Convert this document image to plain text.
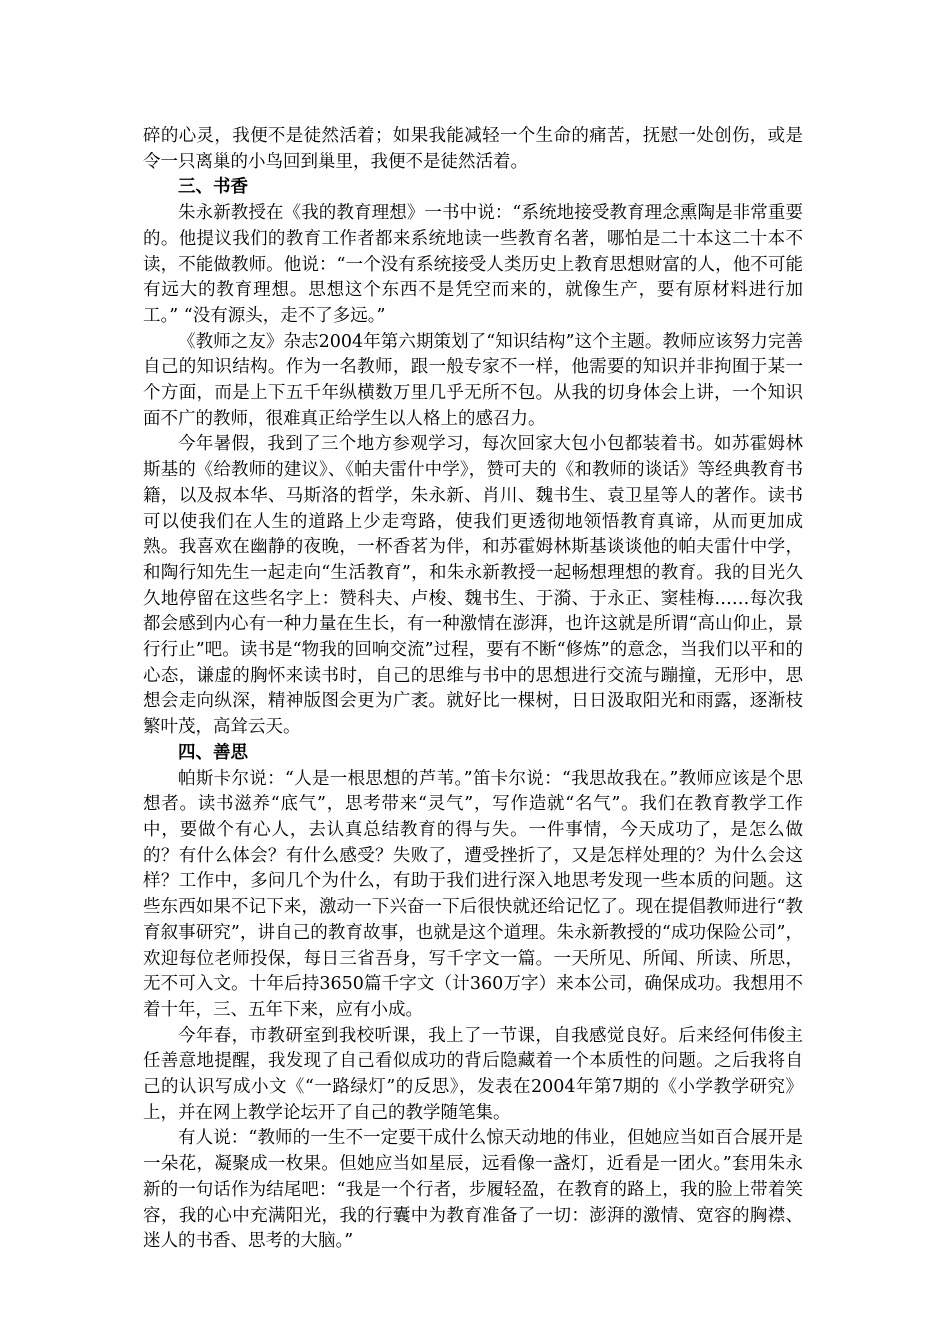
碎的心灵，我便不是徒然活着；如果我能减轻一个生命的痛苦，抚慰一处创伤，或是令一只离巢的小鸟回到巢里，我便不是徒然活着。

三、书香

朱永新教授在《我的教育理想》一书中说：“系统地接受教育理念熏陶是非常重要的。他提议我们的教育工作者都来系统地读一些教育名著，哪怕是二十本这二十本不读，不能做教师。他说：“一个没有系统接受人类历史上教育思想财富的人，他不可能有远大的教育理想。思想这个东西不是凭空而来的，就像生产，要有原材料进行加工。” “没有源头，走不了多远。”

《教师之友》杂志2004年第六期策划了“知识结构”这个主题。教师应该努力完善自己的知识结构。作为一名教师，跟一般专家不一样，他需要的知识并非拘囿于某一个方面，而是上下五千年纵横数万里几乎无所不包。从我的切身体会上讲，一个知识面不广的教师，很难真正给学生以人格上的感召力。

今年暑假，我到了三个地方参观学习，每次回家大包小包都装着书。如苏霍姆林斯基的《给教师的建议》、《帕夫雷什中学》，赞可夫的《和教师的谈话》等经典教育书籍，以及叔本华、马斯洛的哲学，朱永新、肖川、魏书生、袁卫星等人的著作。读书可以使我们在人生的道路上少走弯路，使我们更透彻地领悟教育真谛，从而更加成熟。我喜欢在幽静的夜晚，一杯香茗为伴，和苏霍姆林斯基谈谈他的帕夫雷什中学，和陶行知先生一起走向“生活教育”，和朱永新教授一起畅想理想的教育。我的目光久久地停留在这些名字上：赞科夫、卢梭、魏书生、于漪、于永正、窦桂梅……每次我都会感到内心有一种力量在生长，有一种激情在澎湃，也许这就是所谓“高山仰止，景行行止”吧。读书是“物我的回响交流”过程，要有不断“修炼”的意念，当我们以平和的心态，谦虚的胸怀来读书时，自己的思维与书中的思想进行交流与蹦撞，无形中，思想会走向纵深，精神版图会更为广袤。就好比一棵树，日日汲取阳光和雨露，逐渐枝繁叶茂，高耸云天。

四、善思

帕斯卡尔说：“人是一根思想的芦苇。”笛卡尔说：“我思故我在。”教师应该是个思想者。读书滋养“底气”，思考带来“灵气”，写作造就“名气”。我们在教育教学工作中，要做个有心人，去认真总结教育的得与失。一件事情，今天成功了，是怎么做的？有什么体会？有什么感受？失败了，遭受挫折了，又是怎样处理的？为什么会这样？工作中，多问几个为什么，有助于我们进行深入地思考发现一些本质的问题。这些东西如果不记下来，激动一下兴奋一下后很快就还给记忆了。现在提倡教师进行“教育叙事研究”，讲自己的教育故事，也就是这个道理。朱永新教授的“成功保险公司”，欢迎每位老师投保，每日三省吾身，写千字文一篇。一天所见、所闻、所读、所思，无不可入文。十年后持3650篇千字文（计360万字）来本公司，确保成功。我想用不着十年，三、五年下来，应有小成。

今年春，市教研室到我校听课，我上了一节课，自我感觉良好。后来经何伟俊主任善意地提醒，我发现了自己看似成功的背后隐藏着一个本质性的问题。之后我将自己的认识写成小文《“一路绿灯”的反思》，发表在2004年第7期的《小学教学研究》上，并在网上教学论坛开了自己的教学随笔集。

有人说：“教师的一生不一定要干成什么惊天动地的伟业，但她应当如百合展开是一朵花，凝聚成一枚果。但她应当如星辰，远看像一盏灯，近看是一团火。”套用朱永新的一句话作为结尾吧：“我是一个行者，步履轻盈，在教育的路上，我的脸上带着笑容，我的心中充满阳光，我的行囊中为教育准备了一切：澎湃的激情、宽容的胸襟、迷人的书香、思考的大脑。”
